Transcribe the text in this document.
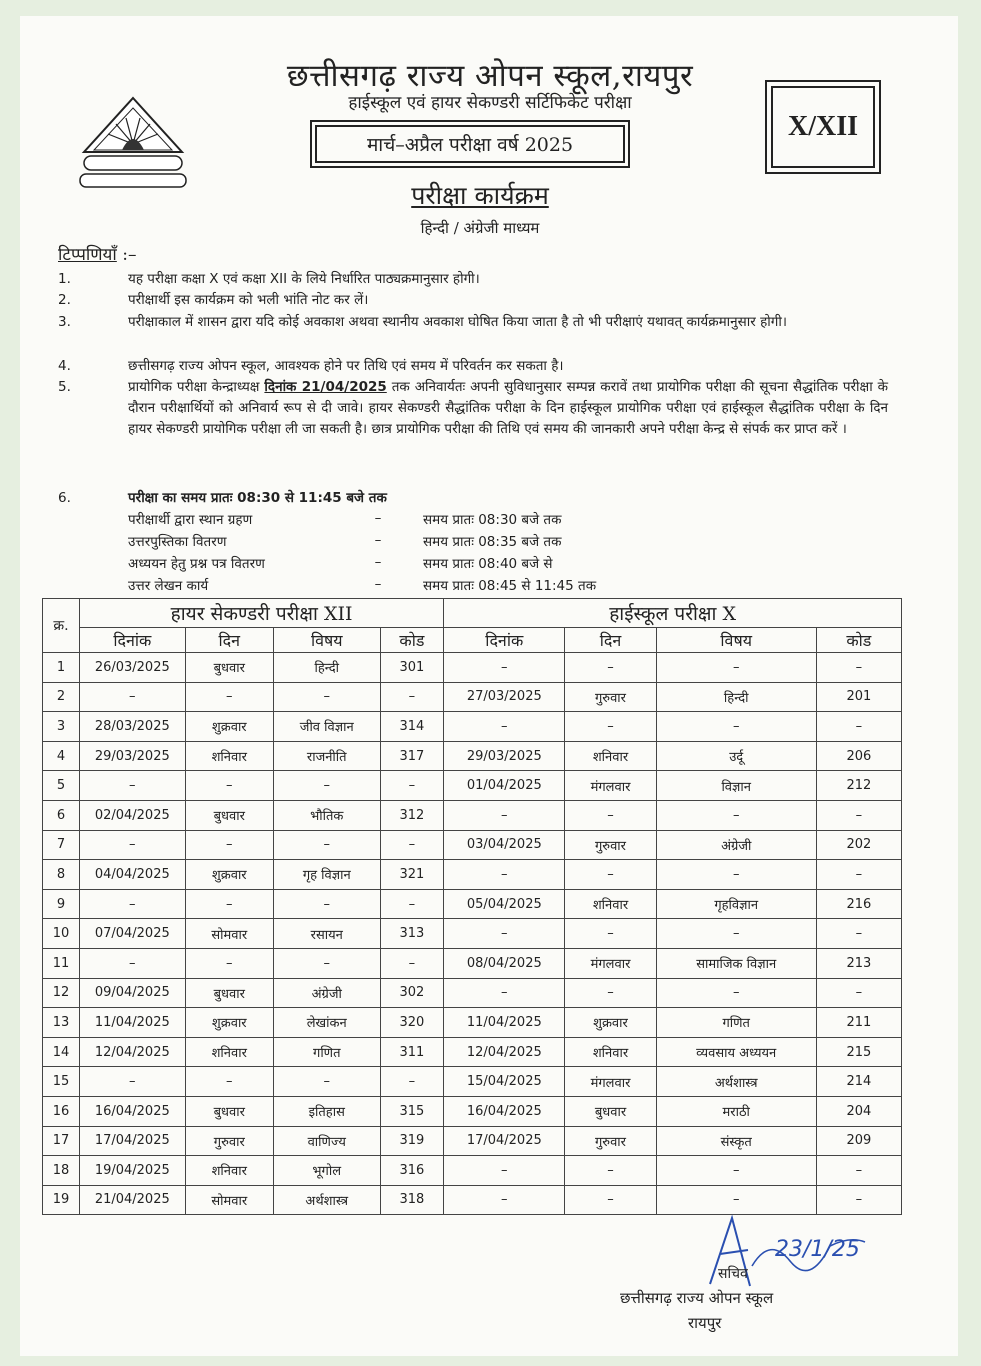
छत्तीसगढ़ राज्य ओपन स्कूल,रायपुर
हाईस्कूल एवं हायर सेकण्डरी सर्टिफिकेट परीक्षा
मार्च–अप्रैल परीक्षा वर्ष 2025
X/XII
परीक्षा कार्यक्रम
हिन्दी / अंग्रेजी माध्यम
टिप्पणियाँ :–
1.	यह परीक्षा कक्षा X एवं कक्षा XII के लिये निर्धारित पाठ्यक्रमानुसार होगी।
2.	परीक्षार्थी इस कार्यक्रम को भली भांति नोट कर लें।
3.	परीक्षाकाल में शासन द्वारा यदि कोई अवकाश अथवा स्थानीय अवकाश घोषित किया जाता है तो भी परीक्षाएं यथावत् कार्यक्रमानुसार होगी।
4.	छत्तीसगढ़ राज्य ओपन स्कूल, आवश्यक होने पर तिथि एवं समय में परिवर्तन कर सकता है।
5.	प्रायोगिक परीक्षा केन्द्राध्यक्ष दिनांक 21/04/2025 तक अनिवार्यतः अपनी सुविधानुसार सम्पन्न करावें तथा प्रायोगिक परीक्षा की सूचना सैद्धांतिक परीक्षा के दौरान परीक्षार्थियों को अनिवार्य रूप से दी जावे। हायर सेकण्डरी सैद्धांतिक परीक्षा के दिन हाईस्कूल प्रायोगिक परीक्षा एवं हाईस्कूल सैद्धांतिक परीक्षा के दिन हायर सेकण्डरी प्रायोगिक परीक्षा ली जा सकती है। छात्र प्रायोगिक परीक्षा की तिथि एवं समय की जानकारी अपने परीक्षा केन्द्र से संपर्क कर प्राप्त करें ।
6.	परीक्षा का समय प्रातः 08:30 से 11:45 बजे तक
परीक्षार्थी द्वारा स्थान ग्रहण	–	समय प्रातः 08:30 बजे तक
उत्तरपुस्तिका वितरण	–	समय प्रातः 08:35 बजे तक
अध्ययन हेतु प्रश्न पत्र वितरण	–	समय प्रातः 08:40 बजे से
उत्तर लेखन कार्य	–	समय प्रातः 08:45 से 11:45 तक
क्र.	हायर सेकण्डरी परीक्षा XII				हाईस्कूल परीक्षा X			
	दिनांक	दिन	विषय	कोड	दिनांक	दिन	विषय	कोड
1	26/03/2025	बुधवार	हिन्दी	301	–	–	–	–
2	–	–	–	–	27/03/2025	गुरुवार	हिन्दी	201
3	28/03/2025	शुक्रवार	जीव विज्ञान	314	–	–	–	–
4	29/03/2025	शनिवार	राजनीति	317	29/03/2025	शनिवार	उर्दू	206
5	–	–	–	–	01/04/2025	मंगलवार	विज्ञान	212
6	02/04/2025	बुधवार	भौतिक	312	–	–	–	–
7	–	–	–	–	03/04/2025	गुरुवार	अंग्रेजी	202
8	04/04/2025	शुक्रवार	गृह विज्ञान	321	–	–	–	–
9	–	–	–	–	05/04/2025	शनिवार	गृहविज्ञान	216
10	07/04/2025	सोमवार	रसायन	313	–	–	–	–
11	–	–	–	–	08/04/2025	मंगलवार	सामाजिक विज्ञान	213
12	09/04/2025	बुधवार	अंग्रेजी	302	–	–	–	–
13	11/04/2025	शुक्रवार	लेखांकन	320	11/04/2025	शुक्रवार	गणित	211
14	12/04/2025	शनिवार	गणित	311	12/04/2025	शनिवार	व्यवसाय अध्ययन	215
15	–	–	–	–	15/04/2025	मंगलवार	अर्थशास्त्र	214
16	16/04/2025	बुधवार	इतिहास	315	16/04/2025	बुधवार	मराठी	204
17	17/04/2025	गुरुवार	वाणिज्य	319	17/04/2025	गुरुवार	संस्कृत	209
18	19/04/2025	शनिवार	भूगोल	316	–	–	–	–
19	21/04/2025	सोमवार	अर्थशास्त्र	318	–	–	–	–
23/1/25
सचिव
छत्तीसगढ़ राज्य ओपन स्कूल
रायपुर
